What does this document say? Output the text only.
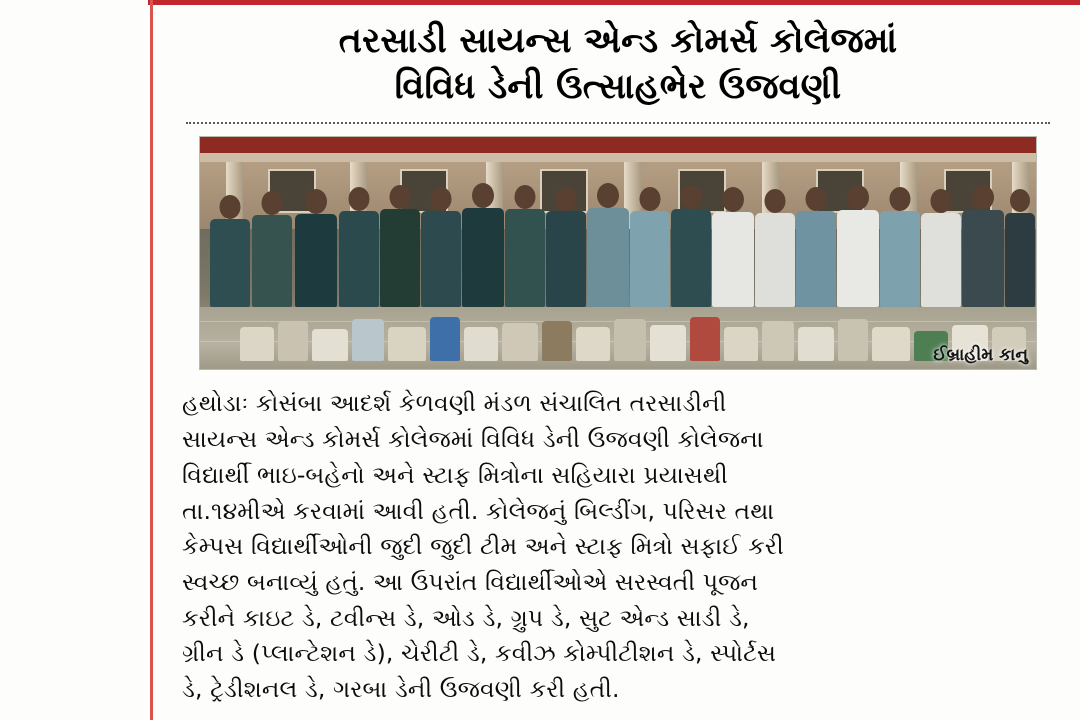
તરસાડી સાયન્સ એન્ડ કોમર્સ કોલેજમાં
વિવિધ ડેની ઉત્સાહભેર ઉજવણી
ઈબ્રાહીમ કાનુ
હથોડાઃ કોસંબા આદર્શ કેળવણી મંડળ સંચાલિત તરસાડીની
સાયન્સ એન્ડ કોમર્સ કોલેજમાં વિવિધ ડેની ઉજવણી કોલેજના
વિદ્યાર્થી ભાઇ-બહેનો અને સ્ટાફ મિત્રોના સહિયારા પ્રયાસથી
તા.૧૪મીએ કરવામાં આવી હતી. કોલેજનું બિલ્ડીંગ, પરિસર તથા
કેમ્પસ વિદ્યાર્થીઓની જુદી જુદી ટીમ અને સ્ટાફ મિત્રો સફાઈ કરી
સ્વચ્છ બનાવ્યું હતું. આ ઉપરાંત વિદ્યાર્થીઓએ સરસ્વતી પૂજન
કરીને કાઇટ ડે, ટવીન્સ ડે, ઓડ ડે, ગ્રુપ ડે, સુટ એન્ડ સાડી ડે,
ગ્રીન ડે (પ્લાન્ટેશન ડે), ચેરીટી ડે, કવીઝ કોમ્પીટીશન ડે, સ્પોર્ટસ
ડે, ટ્રેડીશનલ ડે, ગરબા ડેની ઉજવણી કરી હતી.
